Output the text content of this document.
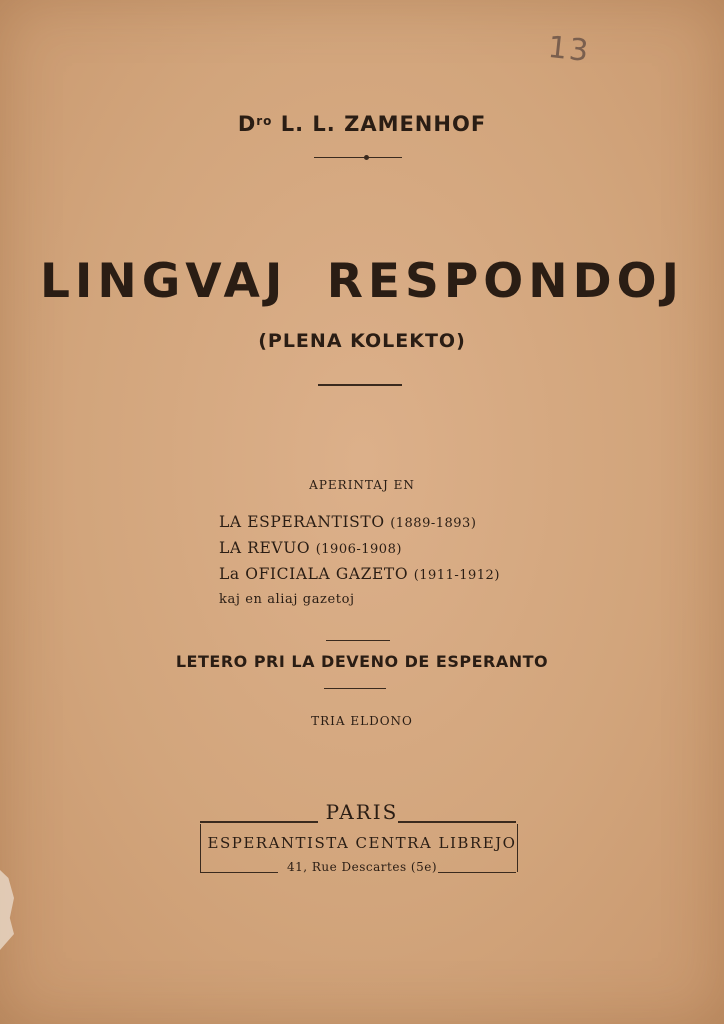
13
$D^{ro}$ L. L. ZAMENHOF
LINGVAJ RESPONDOJ
(PLENA KOLEKTO)
APERINTAJ EN
LA ESPERANTISTO (1889-1893)
LA REVUO (1906-1908)
La OFICIALA GAZETO (1911-1912)
kaj en aliaj gazetoj
LETERO PRI LA DEVENO DE ESPERANTO
TRIA ELDONO
PARIS
ESPERANTISTA CENTRA LIBREJO
41, Rue Descartes (5e)
